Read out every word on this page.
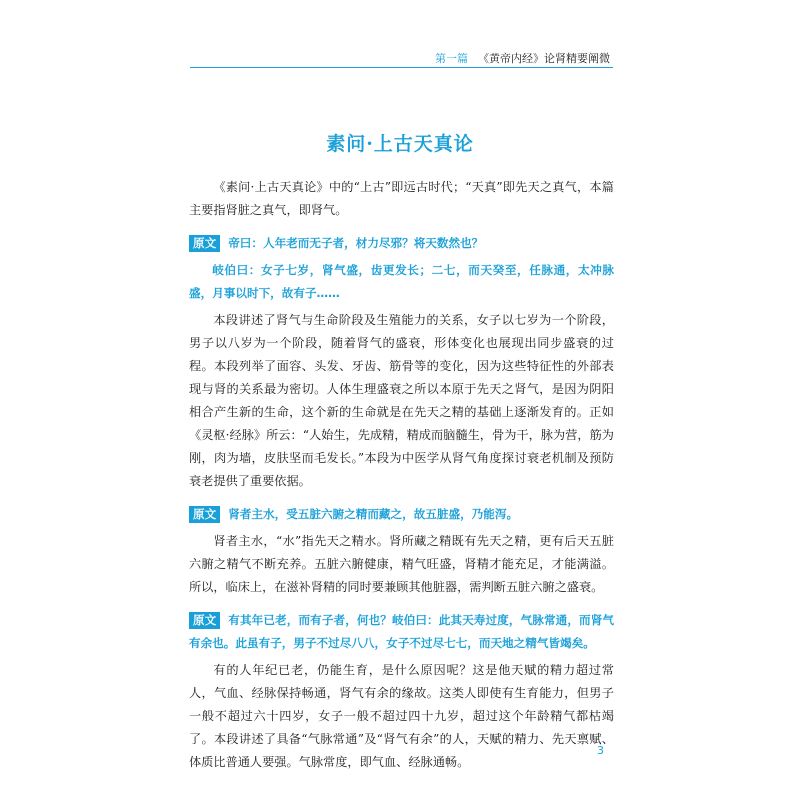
第一篇 《黄帝内经》论肾精要阐微
素问·上古天真论

《素问·上古天真论》中的“上古”即远古时代；“天真”即先天之真气，本篇主要指肾脏之真气，即肾气。

原文 帝曰：人年老而无子者，材力尽邪？将天数然也？

岐伯曰：女子七岁，肾气盛，齿更发长；二七，而天癸至，任脉通，太冲脉盛，月事以时下，故有子……

本段讲述了肾气与生命阶段及生殖能力的关系，女子以七岁为一个阶段，男子以八岁为一个阶段，随着肾气的盛衰，形体变化也展现出同步盛衰的过程。本段列举了面容、头发、牙齿、筋骨等的变化，因为这些特征性的外部表现与肾的关系最为密切。人体生理盛衰之所以本原于先天之肾气，是因为阴阳相合产生新的生命，这个新的生命就是在先天之精的基础上逐渐发育的。正如《灵枢·经脉》所云：“人始生，先成精，精成而脑髓生，骨为干，脉为营，筋为刚，肉为墙，皮肤坚而毛发长。”本段为中医学从肾气角度探讨衰老机制及预防衰老提供了重要依据。

原文 肾者主水，受五脏六腑之精而藏之，故五脏盛，乃能泻。

肾者主水，“水”指先天之精水。肾所藏之精既有先天之精，更有后天五脏六腑之精气不断充养。五脏六腑健康，精气旺盛，肾精才能充足，才能满溢。所以，临床上，在滋补肾精的同时要兼顾其他脏器，需判断五脏六腑之盛衰。

原文 有其年已老，而有子者，何也？岐伯曰：此其天寿过度，气脉常通，而肾气有余也。此虽有子，男子不过尽八八，女子不过尽七七，而天地之精气皆竭矣。

有的人年纪已老，仍能生育，是什么原因呢？这是他天赋的精力超过常人，气血、经脉保持畅通，肾气有余的缘故。这类人即使有生育能力，但男子一般不超过六十四岁，女子一般不超过四十九岁，超过这个年龄精气都枯竭了。本段讲述了具备“气脉常通”及“肾气有余”的人，天赋的精力、先天禀赋、体质比普通人要强。气脉常度，即气血、经脉通畅。

3
